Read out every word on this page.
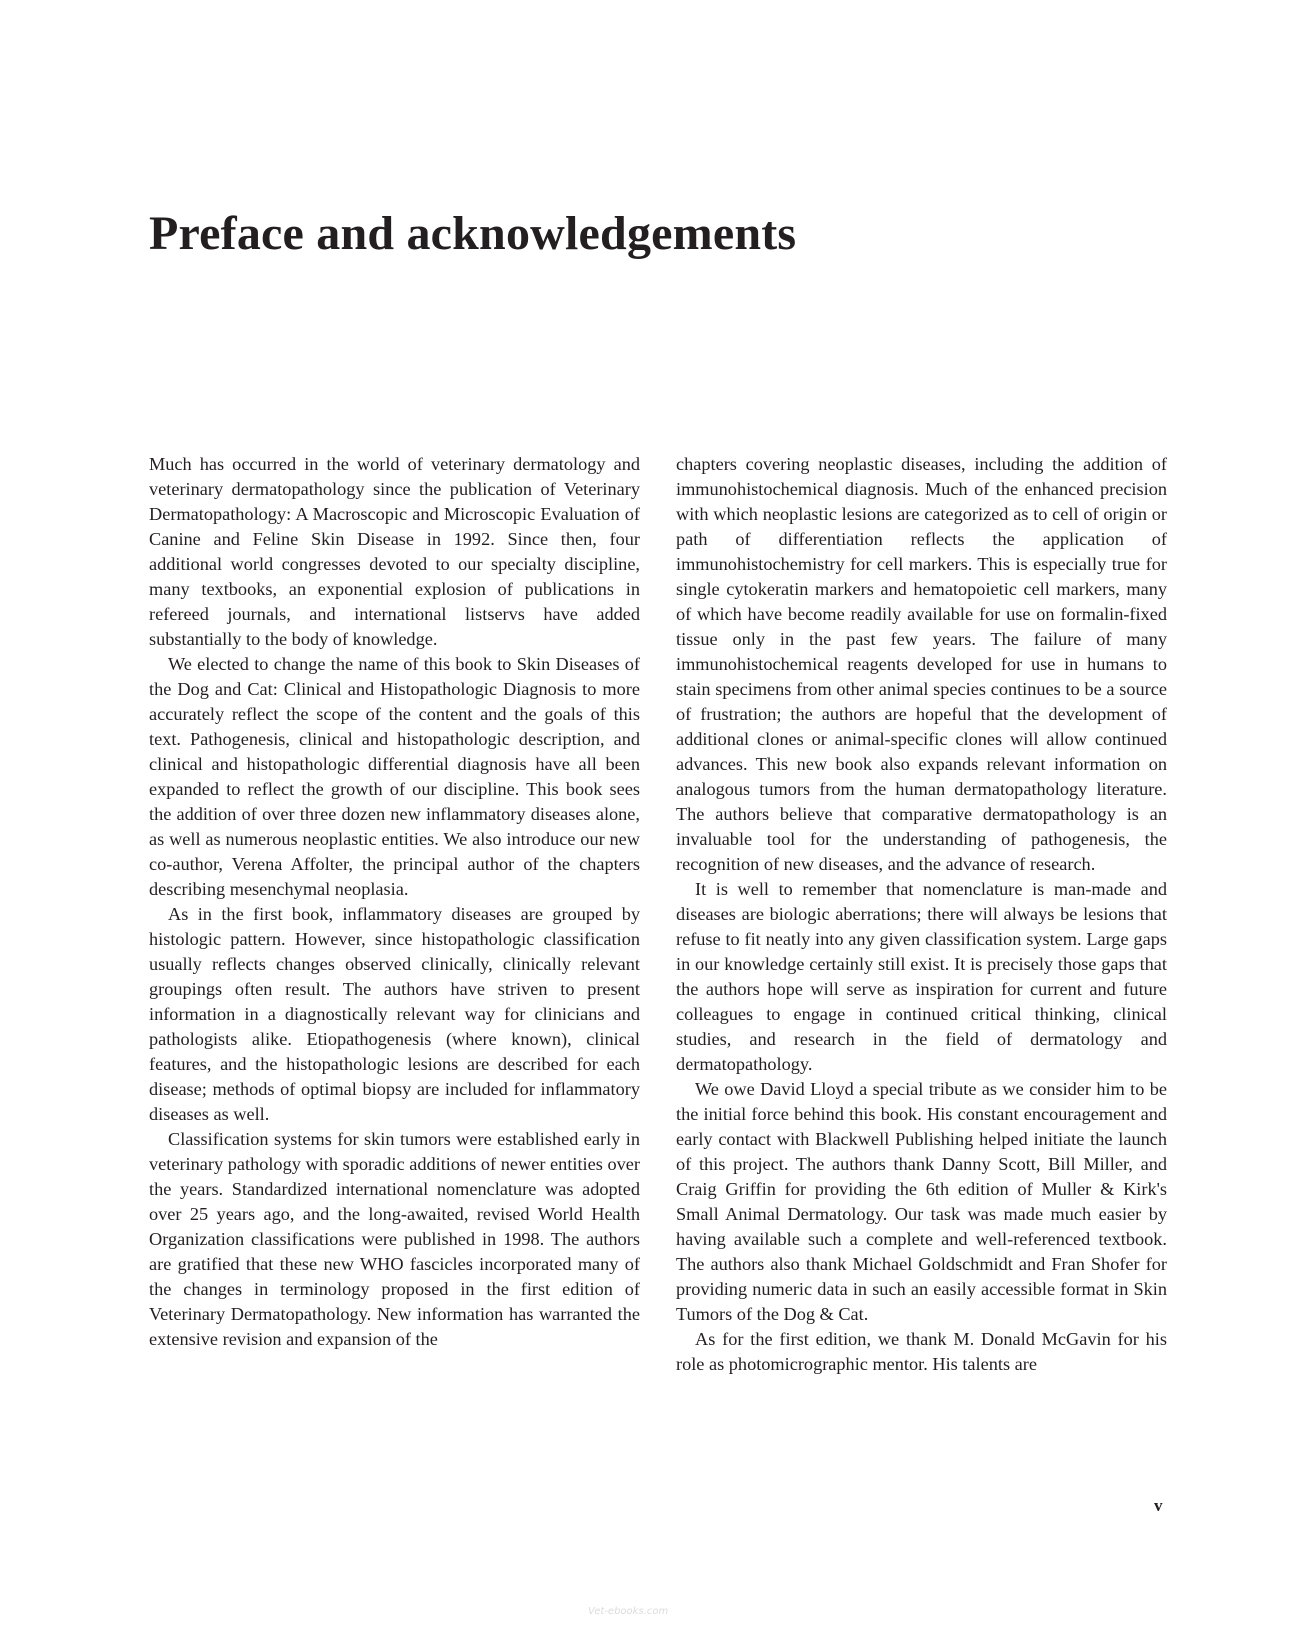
Preface and acknowledgements

Much has occurred in the world of veterinary dermatology and veterinary dermatopathology since the publication of Veterinary Dermatopathology: A Macroscopic and Microscopic Evaluation of Canine and Feline Skin Disease in 1992. Since then, four additional world congresses devoted to our specialty discipline, many textbooks, an exponential explosion of publications in refereed journals, and international listservs have added substantially to the body of knowledge.

We elected to change the name of this book to Skin Diseases of the Dog and Cat: Clinical and Histopathologic Diagnosis to more accurately reflect the scope of the content and the goals of this text. Pathogenesis, clinical and histopathologic description, and clinical and histopathologic differential diagnosis have all been expanded to reflect the growth of our discipline. This book sees the addition of over three dozen new inflammatory diseases alone, as well as numerous neoplastic entities. We also introduce our new co-author, Verena Affolter, the principal author of the chapters describing mesenchymal neoplasia.

As in the first book, inflammatory diseases are grouped by histologic pattern. However, since histopathologic classification usually reflects changes observed clinically, clinically relevant groupings often result. The authors have striven to present information in a diagnostically relevant way for clinicians and pathologists alike. Etiopathogenesis (where known), clinical features, and the histopathologic lesions are described for each disease; methods of optimal biopsy are included for inflammatory diseases as well.

Classification systems for skin tumors were established early in veterinary pathology with sporadic additions of newer entities over the years. Standardized international nomenclature was adopted over 25 years ago, and the long-awaited, revised World Health Organization classifications were published in 1998. The authors are gratified that these new WHO fascicles incorporated many of the changes in terminology proposed in the first edition of Veterinary Dermatopathology. New information has warranted the extensive revision and expansion of the

chapters covering neoplastic diseases, including the addition of immunohistochemical diagnosis. Much of the enhanced precision with which neoplastic lesions are categorized as to cell of origin or path of differentiation reflects the application of immunohistochemistry for cell markers. This is especially true for single cytokeratin markers and hematopoietic cell markers, many of which have become readily available for use on formalin-fixed tissue only in the past few years. The failure of many immunohistochemical reagents developed for use in humans to stain specimens from other animal species continues to be a source of frustration; the authors are hopeful that the development of additional clones or animal-specific clones will allow continued advances. This new book also expands relevant information on analogous tumors from the human dermatopathology literature. The authors believe that comparative dermatopathology is an invaluable tool for the understanding of pathogenesis, the recognition of new diseases, and the advance of research.

It is well to remember that nomenclature is man-made and diseases are biologic aberrations; there will always be lesions that refuse to fit neatly into any given classification system. Large gaps in our knowledge certainly still exist. It is precisely those gaps that the authors hope will serve as inspiration for current and future colleagues to engage in continued critical thinking, clinical studies, and research in the field of dermatology and dermatopathology.

We owe David Lloyd a special tribute as we consider him to be the initial force behind this book. His constant encouragement and early contact with Blackwell Publishing helped initiate the launch of this project. The authors thank Danny Scott, Bill Miller, and Craig Griffin for providing the 6th edition of Muller & Kirk's Small Animal Dermatology. Our task was made much easier by having available such a complete and well-referenced textbook. The authors also thank Michael Goldschmidt and Fran Shofer for providing numeric data in such an easily accessible format in Skin Tumors of the Dog & Cat.

As for the first edition, we thank M. Donald McGavin for his role as photomicrographic mentor. His talents are

v
Vet-ebooks.com
